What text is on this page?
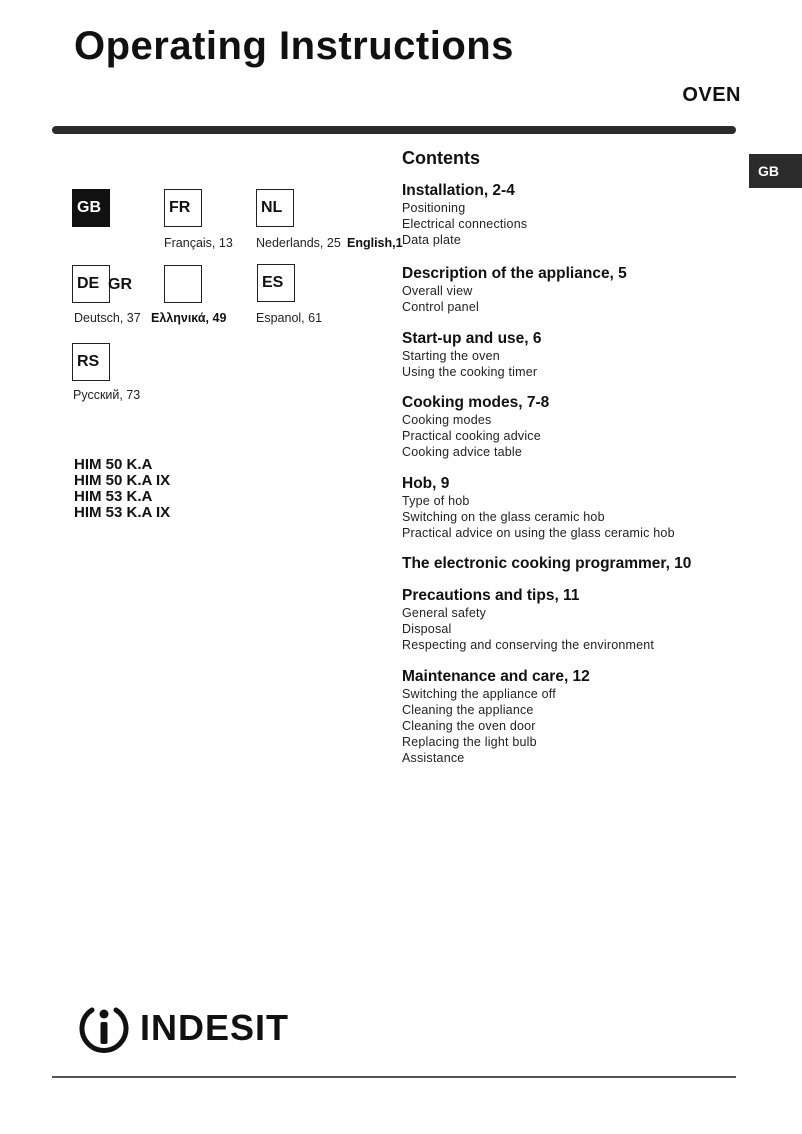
Operating Instructions
OVEN
GB
GB	FR
Français, 13
NL
Nederlands, 25 English,1
DE GR
Deutsch, 37 Ελληνικά, 49
ES
Espanol, 61
RS
Русский, 73
HIM 50 K.A
HIM 50 K.A IX
HIM 53 K.A
HIM 53 K.A IX
Contents
Installation, 2-4
Positioning
Electrical connections
Data plate
Description of the appliance, 5
Overall view
Control panel
Start-up and use, 6
Starting the oven
Using the cooking timer
Cooking modes, 7-8
Cooking modes
Practical cooking advice
Cooking advice table
Hob, 9
Type of hob
Switching on the glass ceramic hob
Practical advice on using the glass ceramic hob
The electronic cooking programmer, 10
Precautions and tips, 11
General safety
Disposal
Respecting and conserving the environment
Maintenance and care, 12
Switching the appliance off
Cleaning the appliance
Cleaning the oven door
Replacing the light bulb
Assistance
INDESIT
